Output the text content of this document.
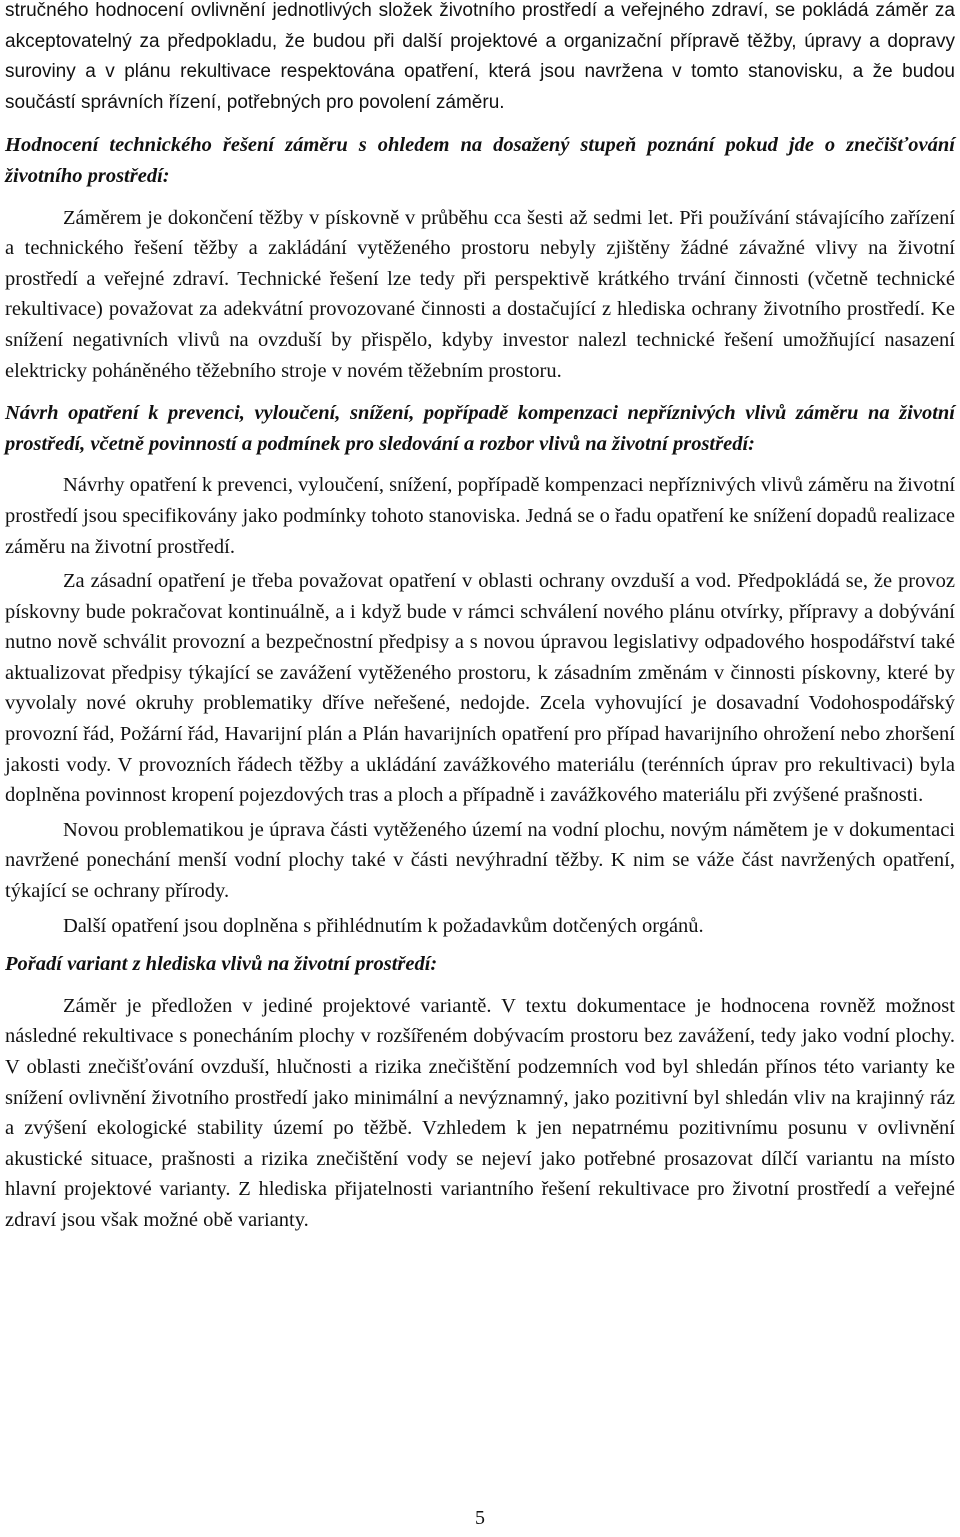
stručného hodnocení ovlivnění jednotlivých složek životního prostředí a veřejného zdraví, se pokládá záměr za akceptovatelný za předpokladu, že budou při další projektové a organizační přípravě těžby, úpravy a dopravy suroviny a v plánu rekultivace respektována opatření, která jsou navržena v tomto stanovisku, a že budou součástí správních řízení, potřebných pro povolení záměru.

Hodnocení technického řešení záměru s ohledem na dosažený stupeň poznání pokud jde o znečišťování životního prostředí:

Záměrem je dokončení těžby v pískovně v průběhu cca šesti až sedmi let. Při používání stávajícího zařízení a technického řešení těžby a zakládání vytěženého prostoru nebyly zjištěny žádné závažné vlivy na životní prostředí a veřejné zdraví. Technické řešení lze tedy při perspektivě krátkého trvání činnosti (včetně technické rekultivace) považovat za adekvátní provozované činnosti a dostačující z hlediska ochrany životního prostředí. Ke snížení negativních vlivů na ovzduší by přispělo, kdyby investor nalezl technické řešení umožňující nasazení elektricky poháněného těžebního stroje v novém těžebním prostoru.

Návrh opatření k prevenci, vyloučení, snížení, popřípadě kompenzaci nepříznivých vlivů záměru na životní prostředí, včetně povinností a podmínek pro sledování a rozbor vlivů na životní prostředí:

Návrhy opatření k prevenci, vyloučení, snížení, popřípadě kompenzaci nepříznivých vlivů záměru na životní prostředí jsou specifikovány jako podmínky tohoto stanoviska. Jedná se o řadu opatření ke snížení dopadů realizace záměru na životní prostředí.

Za zásadní opatření je třeba považovat opatření v oblasti ochrany ovzduší a vod. Předpokládá se, že provoz pískovny bude pokračovat kontinuálně, a i když bude v rámci schválení nového plánu otvírky, přípravy a dobývání nutno nově schválit provozní a bezpečnostní předpisy a s novou úpravou legislativy odpadového hospodářství také aktualizovat předpisy týkající se zavážení vytěženého prostoru, k zásadním změnám v činnosti pískovny, které by vyvolaly nové okruhy problematiky dříve neřešené, nedojde. Zcela vyhovující je dosavadní Vodohospodářský provozní řád, Požární řád, Havarijní plán a Plán havarijních opatření pro případ havarijního ohrožení nebo zhoršení jakosti vody. V provozních řádech těžby a ukládání zavážkového materiálu (terénních úprav pro rekultivaci) byla doplněna povinnost kropení pojezdových tras a ploch a případně i zavážkového materiálu při zvýšené prašnosti.

Novou problematikou je úprava části vytěženého území na vodní plochu, novým námětem je v dokumentaci navržené ponechání menší vodní plochy také v části nevýhradní těžby. K nim se váže část navržených opatření, týkající se ochrany přírody.

Další opatření jsou doplněna s přihlédnutím k požadavkům dotčených orgánů.

Pořadí variant z hlediska vlivů na životní prostředí:

Záměr je předložen v jediné projektové variantě. V textu dokumentace je hodnocena rovněž možnost následné rekultivace s ponecháním plochy v rozšířeném dobývacím prostoru bez zavážení, tedy jako vodní plochy. V oblasti znečišťování ovzduší, hlučnosti a rizika znečištění podzemních vod byl shledán přínos této varianty ke snížení ovlivnění životního prostředí jako minimální a nevýznamný, jako pozitivní byl shledán vliv na krajinný ráz a zvýšení ekologické stability území po těžbě. Vzhledem k jen nepatrnému pozitivnímu posunu v ovlivnění akustické situace, prašnosti a rizika znečištění vody se nejeví jako potřebné prosazovat dílčí variantu na místo hlavní projektové varianty. Z hlediska přijatelnosti variantního řešení rekultivace pro životní prostředí a veřejné zdraví jsou však možné obě varianty.

5
